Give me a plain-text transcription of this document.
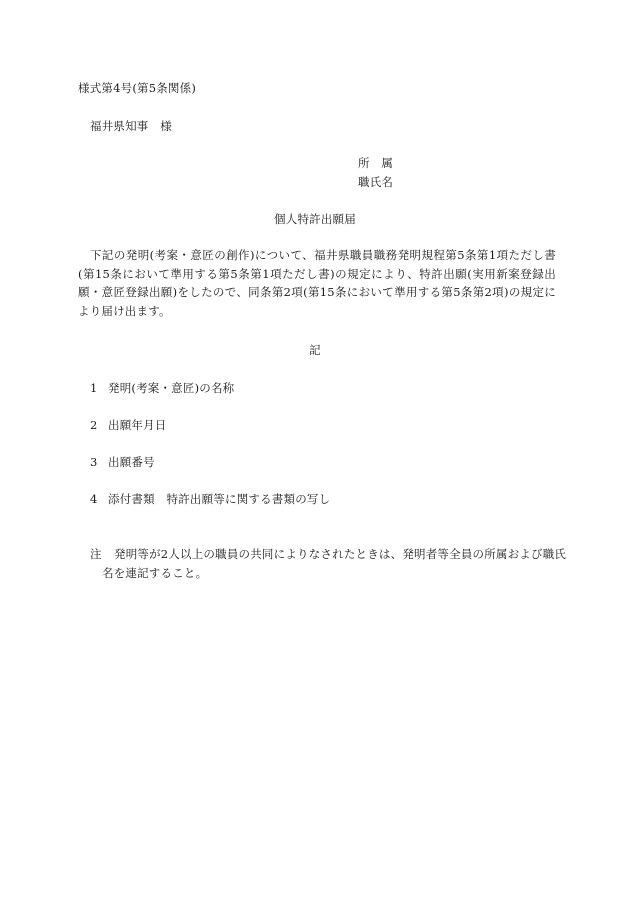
様式第4号(第5条関係)
福井県知事　様
所　属
職氏名
個人特許出願届
下記の発明(考案・意匠の創作)について、福井県職員職務発明規程第5条第1項ただし書(第15条において準用する第5条第1項ただし書)の規定により、特許出願(実用新案登録出願・意匠登録出願)をしたので、同条第2項(第15条において準用する第5条第2項)の規定により届け出ます。
記
1 発明(考案・意匠)の名称
2 出願年月日
3 出願番号
4 添付書類　特許出願等に関する書類の写し
注 発明等が2人以上の職員の共同によりなされたときは、発明者等全員の所属および職氏名を連記すること。
